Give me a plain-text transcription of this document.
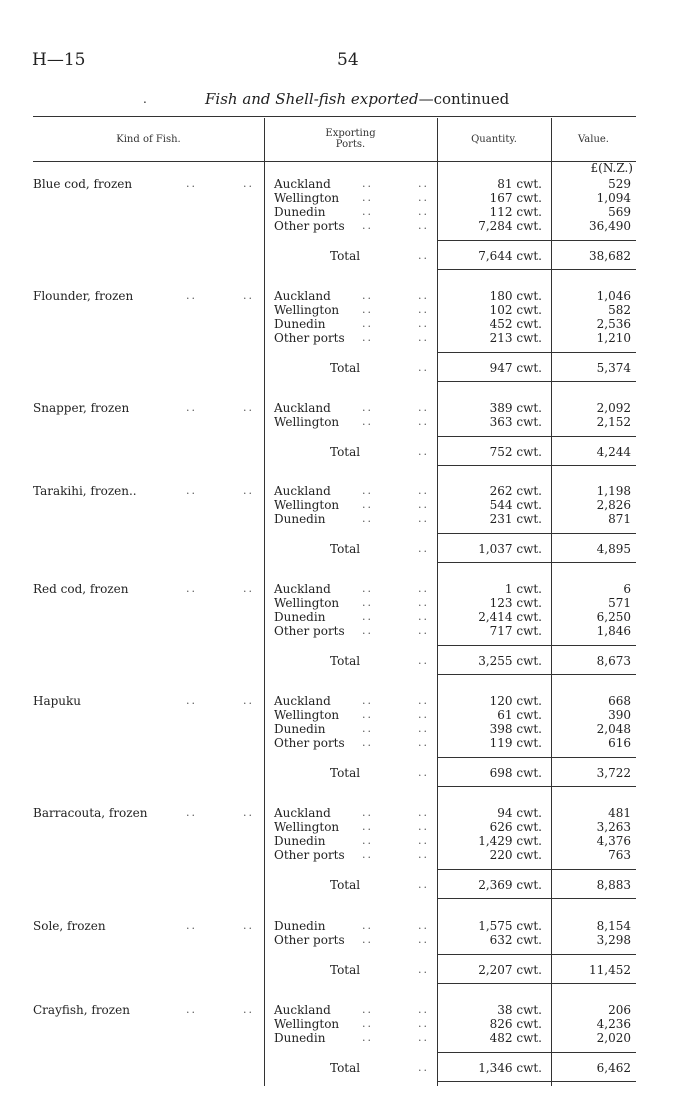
H—15	54
.	Fish and Shell-fish exported—continued
Kind of Fish.
Exporting
Ports.	Quantity.	Value.
£(N.Z.)
Blue cod, frozen	..	.. Auckland	..	..	81 cwt.	529
Wellington ..	..	167 cwt.	1,094
Dunedin	..	..	112 cwt.	569
Other ports ..	..	7,284 cwt.	36,490
Total	..	7,644 cwt.	38,682
Flounder, frozen	..	.. Auckland	..	..	180 cwt.	1,046
Wellington ..	..	102 cwt.	582
Dunedin	..	..	452 cwt.	2,536
Other ports ..	..	213 cwt.	1,210
Total	..	947 cwt.	5,374
Snapper, frozen	..	.. Auckland	..	..	389 cwt.	2,092
Wellington ..	..	363 cwt.	2,152
Total	..	752 cwt.	4,244
Tarakihi, frozen..	..	.. Auckland	..	..	262 cwt.	1,198
Wellington ..	..	544 cwt.	2,826
Dunedin	..	..	231 cwt.	871
Total	..	1,037 cwt.	4,895
Red cod, frozen	..	.. Auckland	..	..	1 cwt.	6
Wellington ..	..	123 cwt.	571
Dunedin	..	..	2,414 cwt.	6,250
Other ports ..	..	717 cwt.	1,846
Total	..	3,255 cwt.	8,673
Hapuku	..	.. Auckland	..	..	120 cwt.	668
Wellington ..	..	61 cwt.	390
Dunedin	..	..	398 cwt.	2,048
Other ports ..	..	119 cwt.	616
Total	..	698 cwt.	3,722
Barracouta, frozen	..	.. Auckland	..	..	94 cwt.	481
Wellington ..	..	626 cwt.	3,263
Dunedin	..	..	1,429 cwt.	4,376
Other ports ..	..	220 cwt.	763
Total	..	2,369 cwt.	8,883
Sole, frozen	..	.. Dunedin	..	..	1,575 cwt.	8,154
Other ports ..	..	632 cwt.	3,298
Total	..	2,207 cwt.	11,452
Crayfish, frozen	..	.. Auckland	..	..	38 cwt.	206
Wellington ..	..	826 cwt.	4,236
Dunedin	..	..	482 cwt.	2,020
Total	..	1,346 cwt.	6,462
